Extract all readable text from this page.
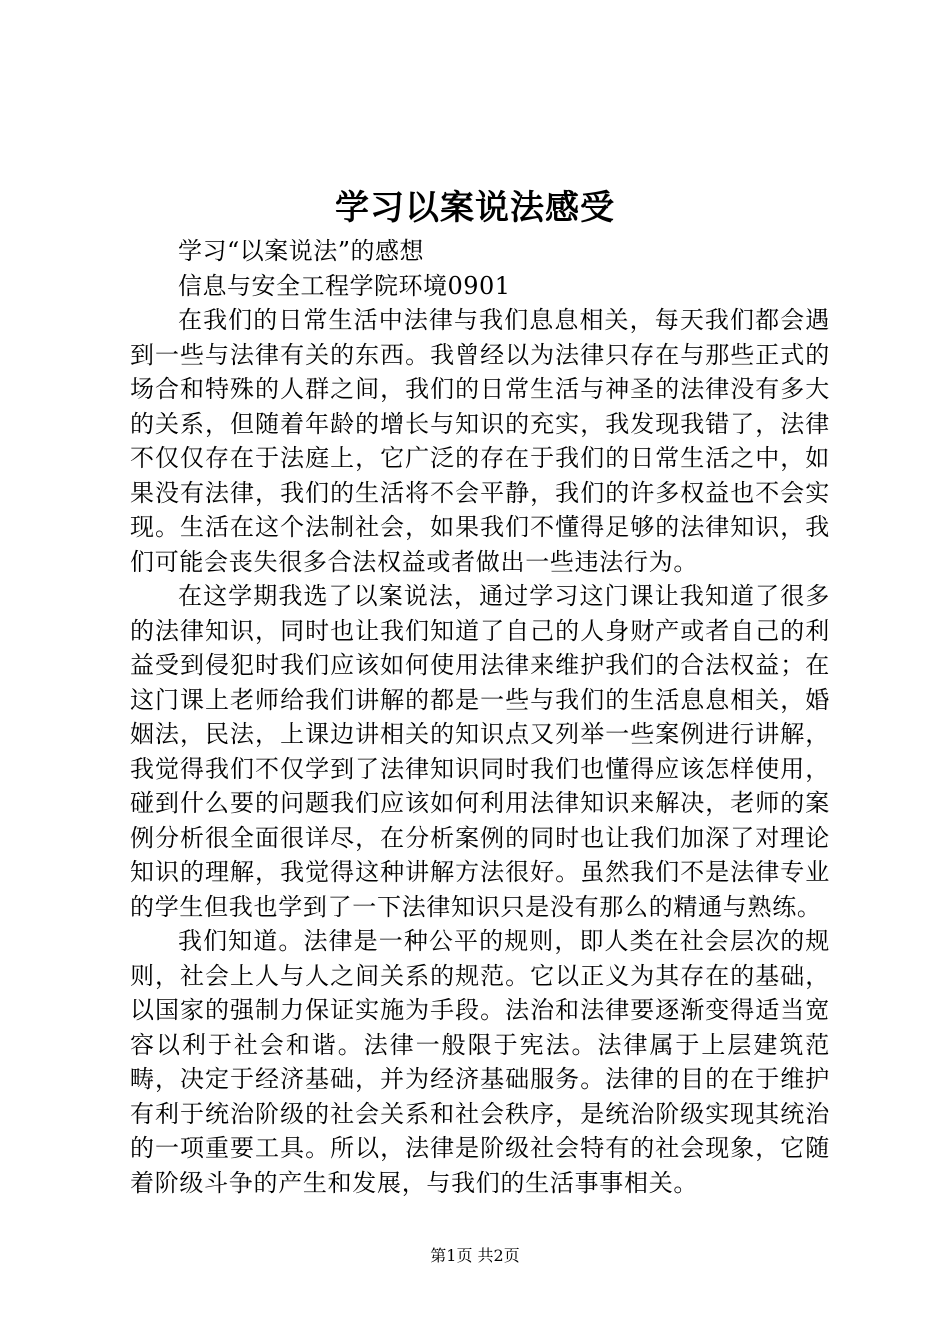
学习以案说法感受

学习“以案说法”的感想

信息与安全工程学院环境0901

在我们的日常生活中法律与我们息息相关，每天我们都会遇到一些与法律有关的东西。我曾经以为法律只存在与那些正式的场合和特殊的人群之间，我们的日常生活与神圣的法律没有多大的关系，但随着年龄的增长与知识的充实，我发现我错了，法律不仅仅存在于法庭上，它广泛的存在于我们的日常生活之中，如果没有法律，我们的生活将不会平静，我们的许多权益也不会实现。生活在这个法制社会，如果我们不懂得足够的法律知识，我们可能会丧失很多合法权益或者做出一些违法行为。

在这学期我选了以案说法，通过学习这门课让我知道了很多的法律知识，同时也让我们知道了自己的人身财产或者自己的利益受到侵犯时我们应该如何使用法律来维护我们的合法权益；在这门课上老师给我们讲解的都是一些与我们的生活息息相关，婚姻法，民法，上课边讲相关的知识点又列举一些案例进行讲解，我觉得我们不仅学到了法律知识同时我们也懂得应该怎样使用，碰到什么要的问题我们应该如何利用法律知识来解决，老师的案例分析很全面很详尽，在分析案例的同时也让我们加深了对理论知识的理解，我觉得这种讲解方法很好。虽然我们不是法律专业的学生但我也学到了一下法律知识只是没有那么的精通与熟练。

我们知道。法律是一种公平的规则，即人类在社会层次的规则，社会上人与人之间关系的规范。它以正义为其存在的基础，以国家的强制力保证实施为手段。法治和法律要逐渐变得适当宽容以利于社会和谐。法律一般限于宪法。法律属于上层建筑范畴，决定于经济基础，并为经济基础服务。法律的目的在于维护有利于统治阶级的社会关系和社会秩序，是统治阶级实现其统治的一项重要工具。所以，法律是阶级社会特有的社会现象，它随着阶级斗争的产生和发展，与我们的生活事事相关。

第1页 共2页
